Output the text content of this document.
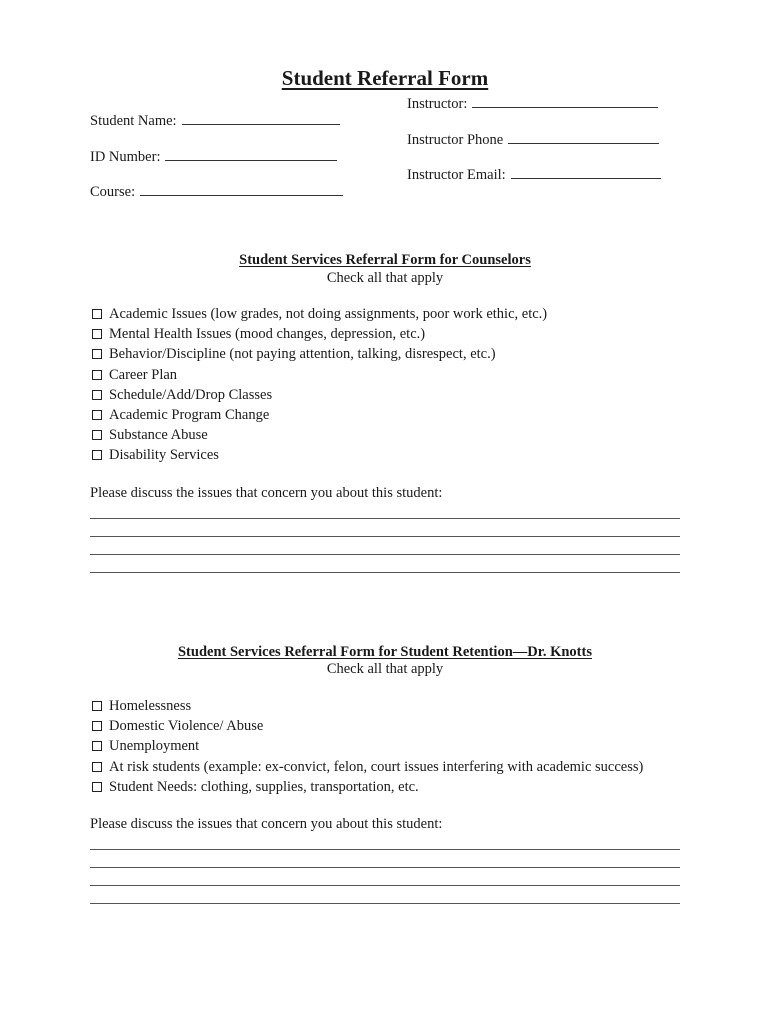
Student Referral Form
Instructor:
Student Name:
Instructor Phone
ID Number:
Instructor Email:
Course:
Student Services Referral Form for Counselors
Check all that apply
Academic Issues (low grades, not doing assignments, poor work ethic, etc.)
Mental Health Issues (mood changes, depression, etc.)
Behavior/Discipline (not paying attention, talking, disrespect, etc.)
Career Plan
Schedule/Add/Drop Classes
Academic Program Change
Substance Abuse
Disability Services
Please discuss the issues that concern you about this student:
Student Services Referral Form for Student Retention—Dr. Knotts
Check all that apply
Homelessness
Domestic Violence/ Abuse
Unemployment
At risk students (example: ex-convict, felon, court issues interfering with academic success)
Student Needs: clothing, supplies, transportation, etc.
Please discuss the issues that concern you about this student:
